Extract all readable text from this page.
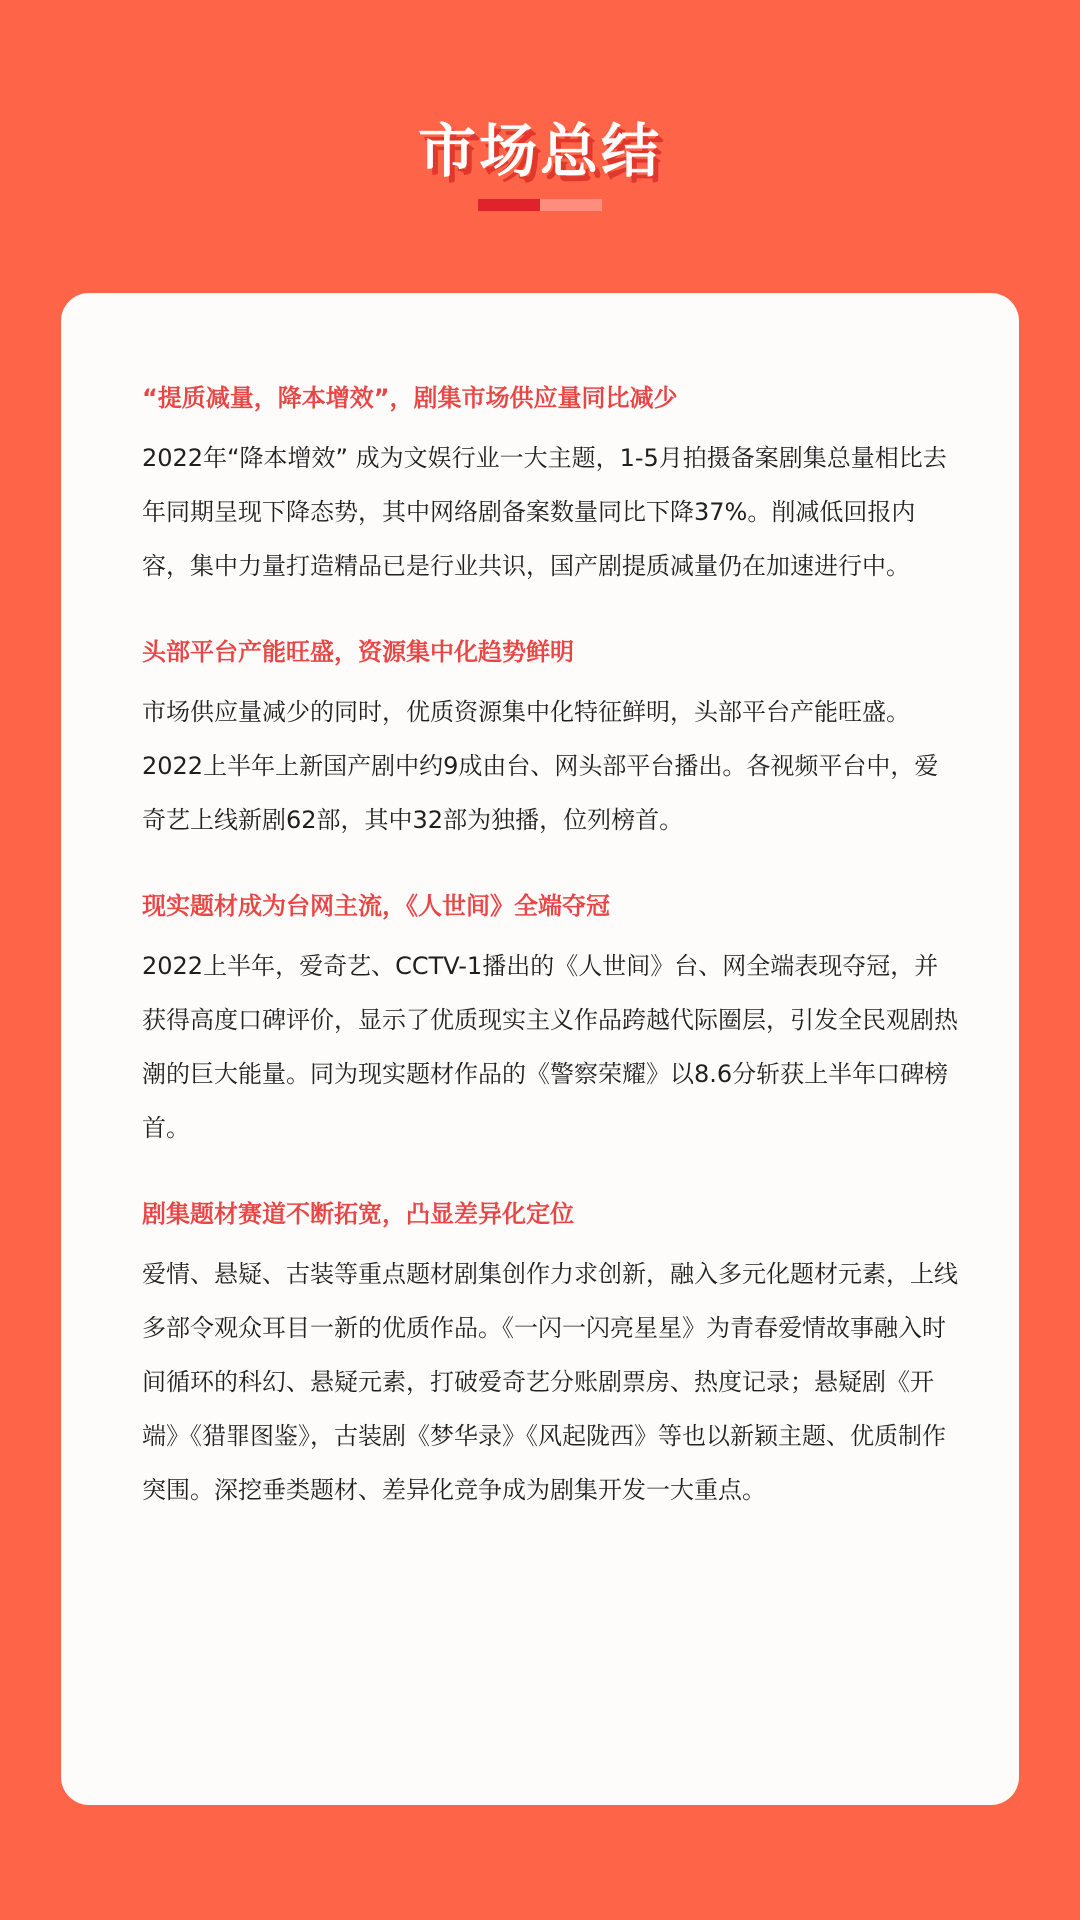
市场总结
“提质减量，降本增效”，剧集市场供应量同比减少

2022年“降本增效” 成为文娱行业一大主题，1-5月拍摄备案剧集总量相比去年同期呈现下降态势，其中网络剧备案数量同比下降37%。削减低回报内容，集中力量打造精品已是行业共识，国产剧提质减量仍在加速进行中。

头部平台产能旺盛，资源集中化趋势鲜明

市场供应量减少的同时，优质资源集中化特征鲜明，头部平台产能旺盛。2022上半年上新国产剧中约9成由台、网头部平台播出。各视频平台中，爱奇艺上线新剧62部，其中32部为独播，位列榜首。

现实题材成为台网主流，《人世间》全端夺冠

2022上半年，爱奇艺、CCTV-1播出的《人世间》台、网全端表现夺冠，并获得高度口碑评价，显示了优质现实主义作品跨越代际圈层，引发全民观剧热潮的巨大能量。同为现实题材作品的《警察荣耀》以8.6分斩获上半年口碑榜首。

剧集题材赛道不断拓宽，凸显差异化定位

爱情、悬疑、古装等重点题材剧集创作力求创新，融入多元化题材元素，上线多部令观众耳目一新的优质作品。《一闪一闪亮星星》为青春爱情故事融入时间循环的科幻、悬疑元素，打破爱奇艺分账剧票房、热度记录；悬疑剧《开端》《猎罪图鉴》，古装剧《梦华录》《风起陇西》等也以新颖主题、优质制作突围。深挖垂类题材、差异化竞争成为剧集开发一大重点。
